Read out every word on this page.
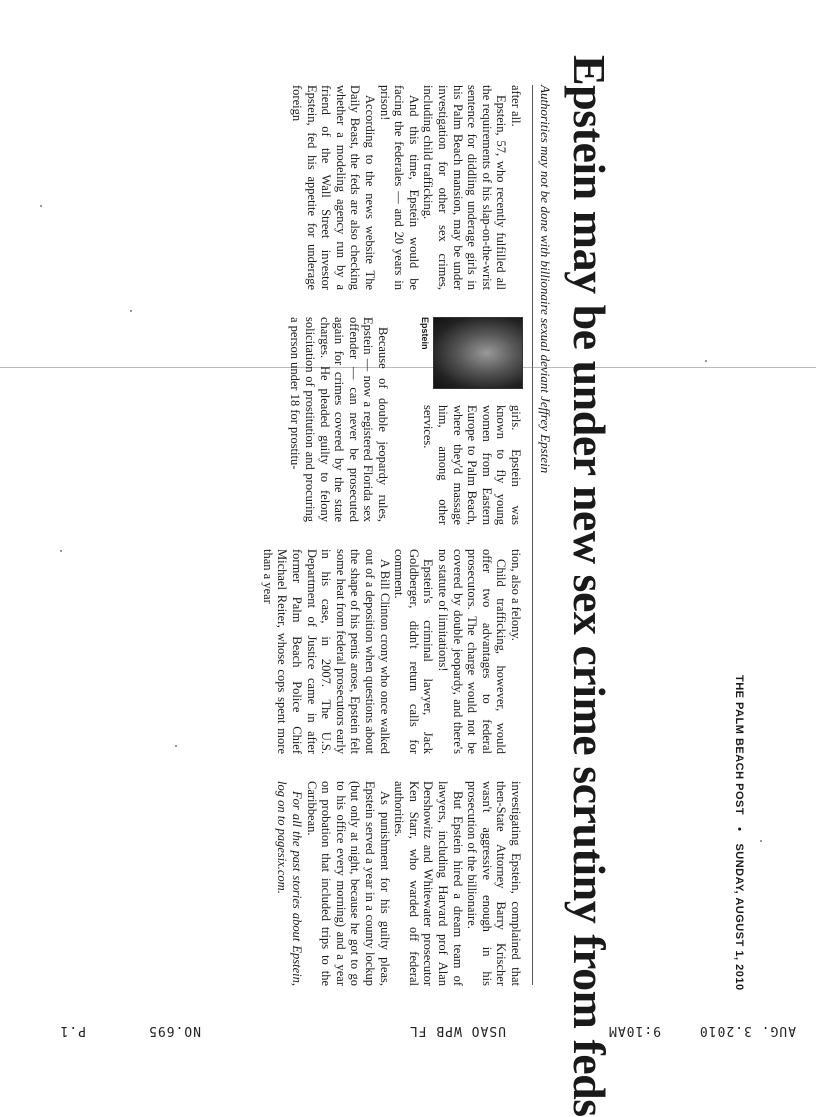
THE PALM BEACH POST•SUNDAY, AUGUST 1, 2010
Epstein may be under new sex crime scrutiny from feds
Authorities may not be done with billionaire sexual deviant Jeffrey Epstein

after all.

Epstein, 57, who recently fulfilled all the requirements of his slap-on-the-wrist sentence for diddling underage girls in his Palm Beach mansion, may be under investigation for other sex crimes, including child trafficking.

And this time, Epstein would be facing the federales — and 20 years in prison!

According to the news website The Daily Beast, the feds are also checking whether a modeling agency run by a friend of the Wall Street investor Epstein, fed his appetite for underage foreign

Epstein

girls. Epstein was known to fly young women from Eastern Europe to Palm Beach, where they'd massage him, among other services.

Because of double jeopardy rules, Epstein — now a registered Florida sex offender — can never be prosecuted again for crimes covered by the state charges. He pleaded guilty to felony solicitation of prostitution and procuring a person under 18 for prostitu-

tion, also a felony.

Child trafficking, however, would offer two advantages to federal prosecutors. The charge would not be covered by double jeopardy, and there's no statute of limitations!

Epstein's criminal lawyer, Jack Goldberger, didn't return calls for comment.

A Bill Clinton crony who once walked out of a deposition when questions about the shape of his penis arose, Epstein felt some heat from federal prosecutors early in his case, in 2007. The U.S. Department of Justice came in after former Palm Beach Police Chief Michael Reiter, whose cops spent more than a year

investigating Epstein, complained that then-State Attorney Barry Krischer wasn't aggressive enough in his prosecution of the billionaire.

But Epstein hired a dream team of lawyers, including Harvard prof Alan Dershowitz and Whitewater prosecutor Ken Starr, who warded off federal authorities.

As punishment for his guilty pleas, Epstein served a year in a county lockup (but only at night, because he got to go to his office every morning) and a year on probation that included trips to the Caribbean.

For all the past stories about Epstein, log on to pagesix.com.

AUG. 3.2010
9:10AM
USAO WPB FL
NO.695
P.1
